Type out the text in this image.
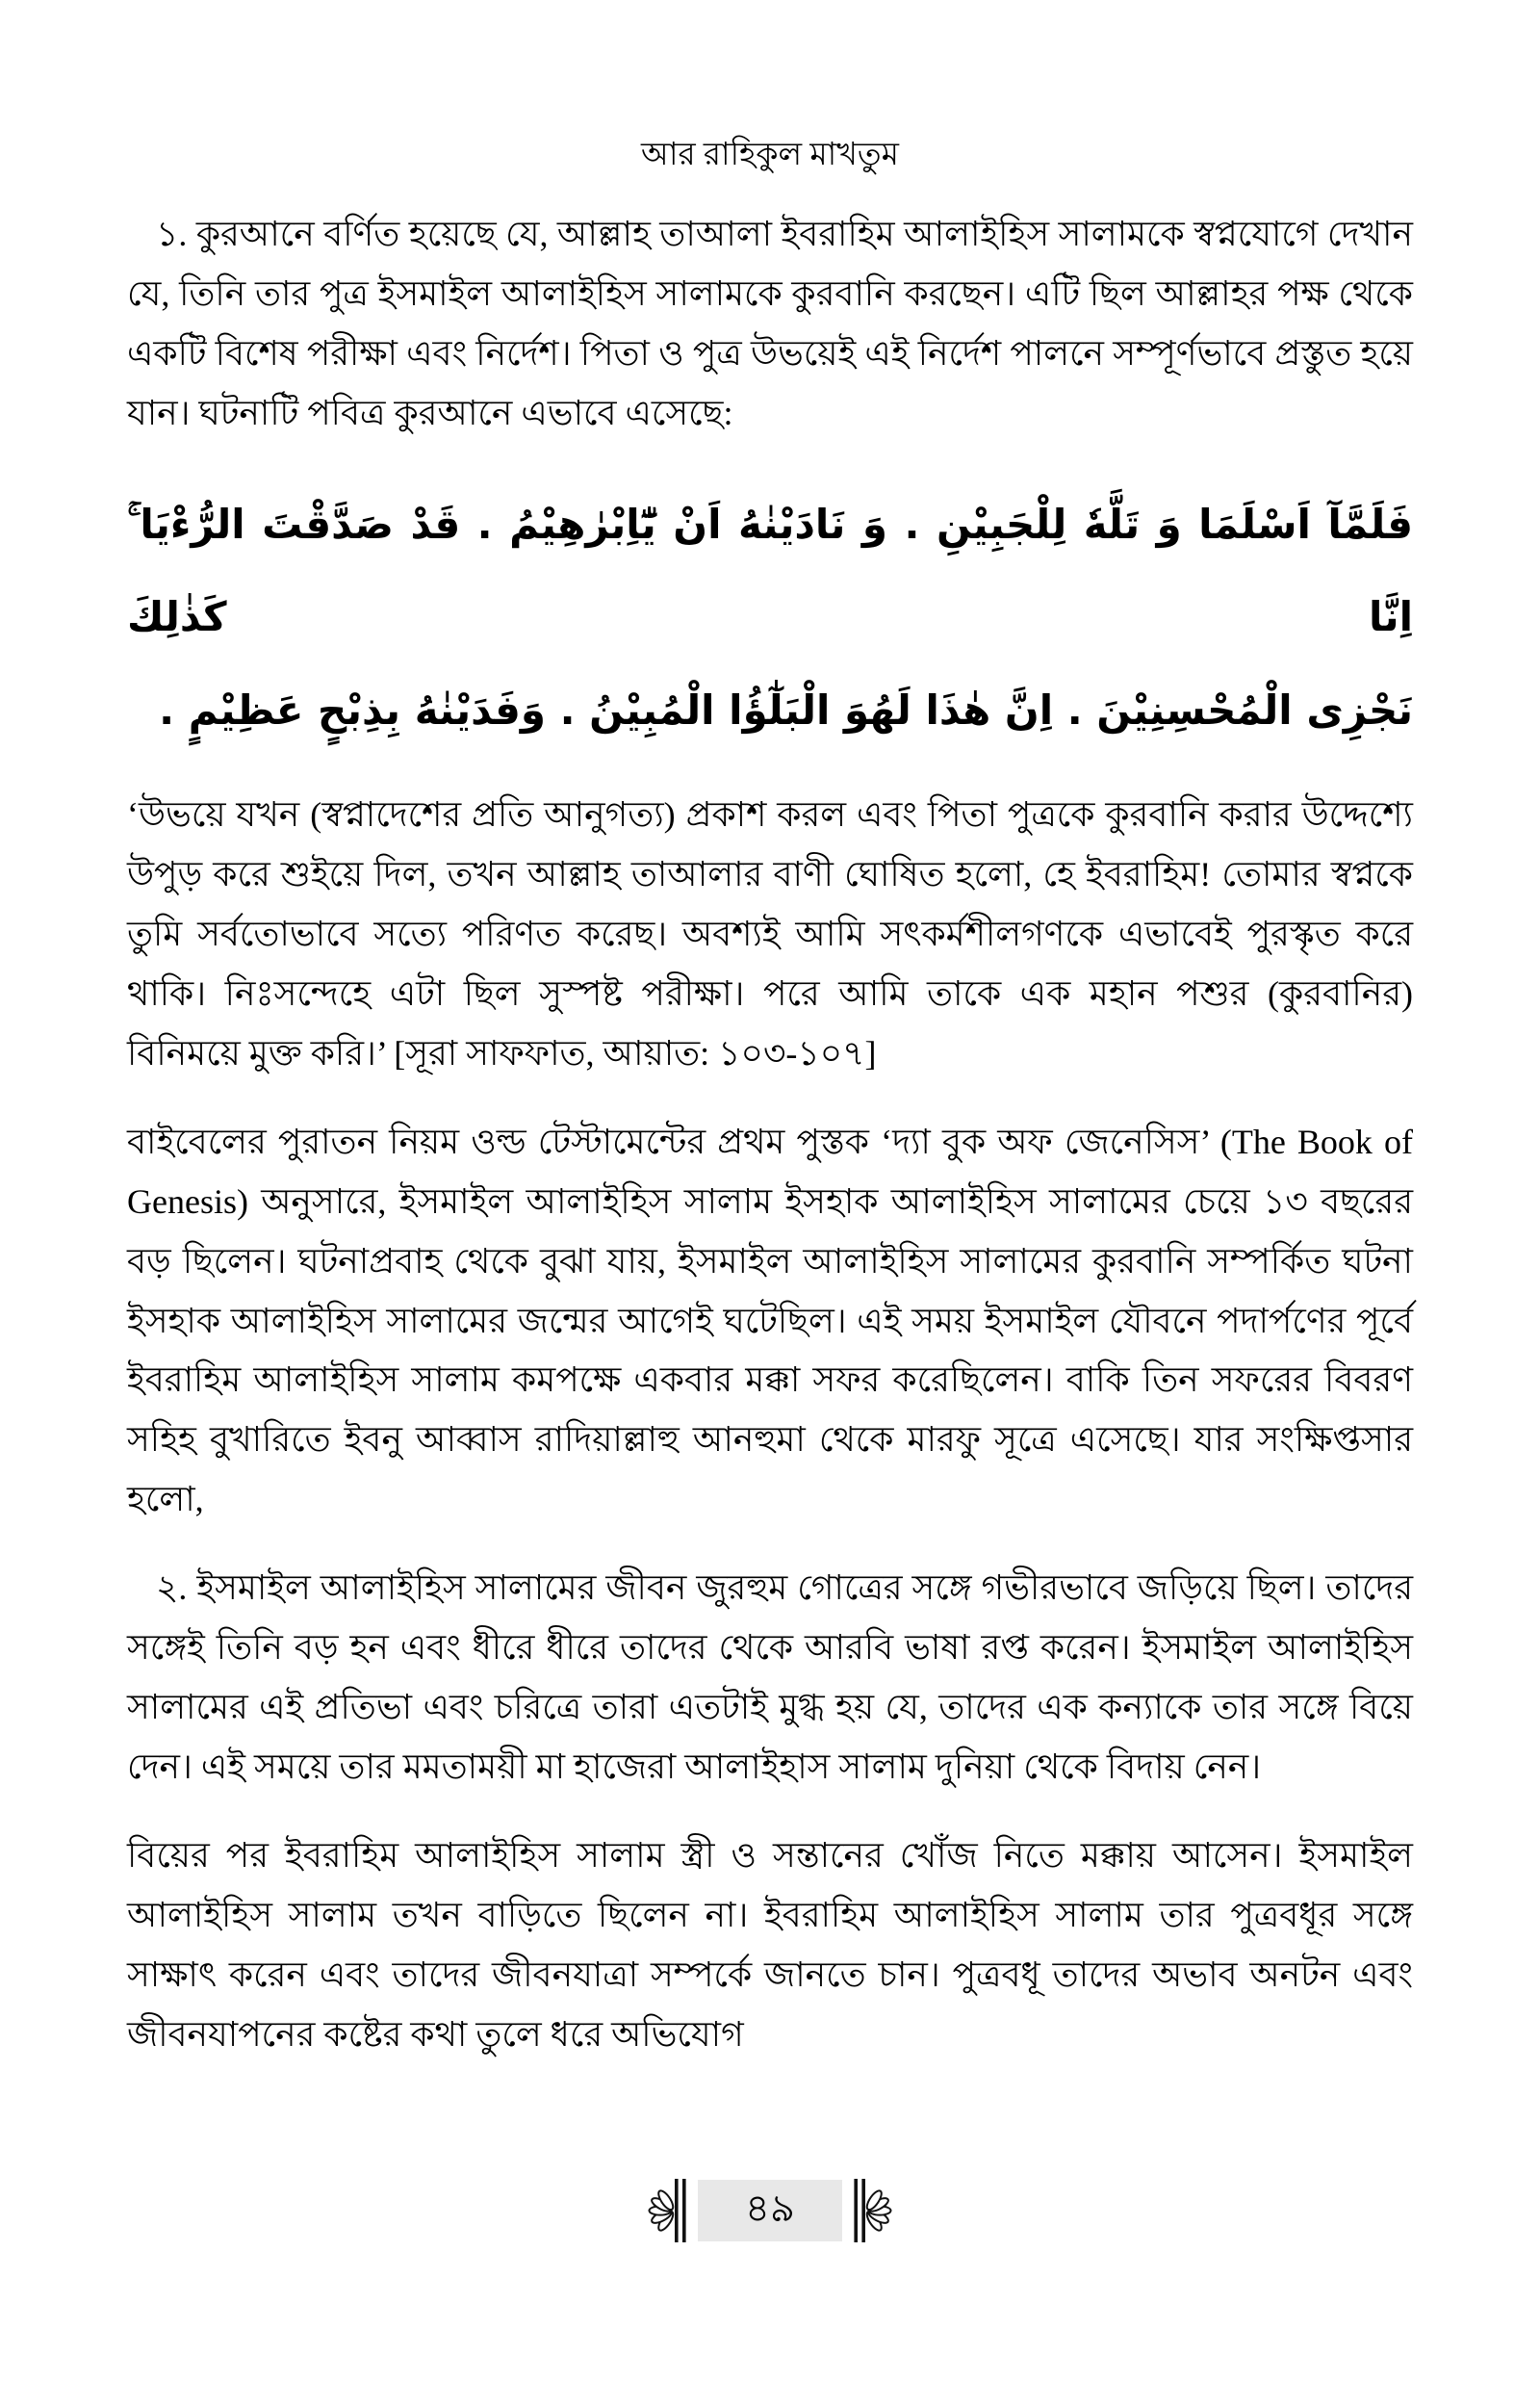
আর রাহিকুল মাখতুম
১. কুরআনে বর্ণিত হয়েছে যে, আল্লাহ তাআলা ইবরাহিম আলাইহিস সালামকে স্বপ্নযোগে দেখান যে, তিনি তার পুত্র ইসমাইল আলাইহিস সালামকে কুরবানি করছেন। এটি ছিল আল্লাহর পক্ষ থেকে একটি বিশেষ পরীক্ষা এবং নির্দেশ। পিতা ও পুত্র উভয়েই এই নির্দেশ পালনে সম্পূর্ণভাবে প্রস্তুত হয়ে যান। ঘটনাটি পবিত্র কুরআনে এভাবে এসেছে:
فَلَمَّآ اَسْلَمَا وَ تَلَّهٗ لِلْجَبِيْنِ . وَ نَادَيْنٰهُ اَنْ يّٰٓاِبْرٰهِيْمُ . قَدْ صَدَّقْتَ الرُّءْيَا ۚ اِنَّا كَذٰلِكَ
نَجْزِى الْمُحْسِنِيْنَ . اِنَّ هٰذَا لَهُوَ الْبَلٰٓؤُا الْمُبِيْنُ . وَفَدَيْنٰهُ بِذِبْحٍ عَظِيْمٍ .
‘উভয়ে যখন (স্বপ্নাদেশের প্রতি আনুগত্য) প্রকাশ করল এবং পিতা পুত্রকে কুরবানি করার উদ্দেশ্যে উপুড় করে শুইয়ে দিল, তখন আল্লাহ তাআলার বাণী ঘোষিত হলো, হে ইবরাহিম! তোমার স্বপ্নকে তুমি সর্বতোভাবে সত্যে পরিণত করেছ। অবশ্যই আমি সৎকর্মশীলগণকে এভাবেই পুরস্কৃত করে থাকি। নিঃসন্দেহে এটা ছিল সুস্পষ্ট পরীক্ষা। পরে আমি তাকে এক মহান পশুর (কুরবানির) বিনিময়ে মুক্ত করি।’ [সূরা সাফফাত, আয়াত: ১০৩-১০৭]
বাইবেলের পুরাতন নিয়ম ওল্ড টেস্টামেন্টের প্রথম পুস্তক ‘দ্যা বুক অফ জেনেসিস’ (The Book of Genesis) অনুসারে, ইসমাইল আলাইহিস সালাম ইসহাক আলাইহিস সালামের চেয়ে ১৩ বছরের বড় ছিলেন। ঘটনাপ্রবাহ থেকে বুঝা যায়, ইসমাইল আলাইহিস সালামের কুরবানি সম্পর্কিত ঘটনা ইসহাক আলাইহিস সালামের জন্মের আগেই ঘটেছিল। এই সময় ইসমাইল যৌবনে পদার্পণের পূর্বে ইবরাহিম আলাইহিস সালাম কমপক্ষে একবার মক্কা সফর করেছিলেন। বাকি তিন সফরের বিবরণ সহিহ বুখারিতে ইবনু আব্বাস রাদিয়াল্লাহু আনহুমা থেকে মারফু সূত্রে এসেছে। যার সংক্ষিপ্তসার হলো,
২. ইসমাইল আলাইহিস সালামের জীবন জুরহুম গোত্রের সঙ্গে গভীরভাবে জড়িয়ে ছিল। তাদের সঙ্গেই তিনি বড় হন এবং ধীরে ধীরে তাদের থেকে আরবি ভাষা রপ্ত করেন। ইসমাইল আলাইহিস সালামের এই প্রতিভা এবং চরিত্রে তারা এতটাই মুগ্ধ হয় যে, তাদের এক কন্যাকে তার সঙ্গে বিয়ে দেন। এই সময়ে তার মমতাময়ী মা হাজেরা আলাইহাস সালাম দুনিয়া থেকে বিদায় নেন।
বিয়ের পর ইবরাহিম আলাইহিস সালাম স্ত্রী ও সন্তানের খোঁজ নিতে মক্কায় আসেন। ইসমাইল আলাইহিস সালাম তখন বাড়িতে ছিলেন না। ইবরাহিম আলাইহিস সালাম তার পুত্রবধূর সঙ্গে সাক্ষাৎ করেন এবং তাদের জীবনযাত্রা সম্পর্কে জানতে চান। পুত্রবধূ তাদের অভাব অনটন এবং জীবনযাপনের কষ্টের কথা তুলে ধরে অভিযোগ
৪৯
